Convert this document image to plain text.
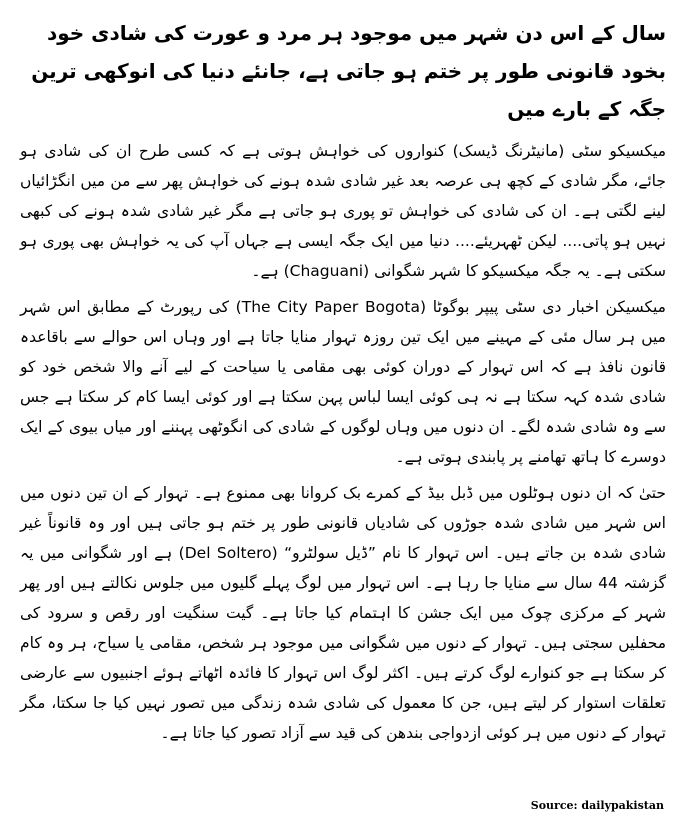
سال کے اس دن شہر میں موجود ہر مرد و عورت کی شادی خود بخود قانونی طور پر ختم ہو جاتی ہے، جانئے دنیا کی انوکھی ترین جگہ کے بارے میں

میکسیکو سٹی (مانیٹرنگ ڈیسک) کنواروں کی خواہش ہوتی ہے کہ کسی طرح ان کی شادی ہو جائے، مگر شادی کے کچھ ہی عرصہ بعد غیر شادی شدہ ہونے کی خواہش پھر سے من میں انگڑائیاں لینے لگتی ہے۔ ان کی شادی کی خواہش تو پوری ہو جاتی ہے مگر غیر شادی شدہ ہونے کی کبھی نہیں ہو پاتی.... لیکن ٹھہریئے.... دنیا میں ایک جگہ ایسی ہے جہاں آپ کی یہ خواہش بھی پوری ہو سکتی ہے۔ یہ جگہ میکسیکو کا شہر شگوانی (Chaguani) ہے۔

میکسیکن اخبار دی سٹی پیپر بوگوٹا (The City Paper Bogota) کی رپورٹ کے مطابق اس شہر میں ہر سال مئی کے مہینے میں ایک تین روزہ تہوار منایا جاتا ہے اور وہاں اس حوالے سے باقاعدہ قانون نافذ ہے کہ اس تہوار کے دوران کوئی بھی مقامی یا سیاحت کے لیے آنے والا شخص خود کو شادی شدہ کہہ سکتا ہے نہ ہی کوئی ایسا لباس پہن سکتا ہے اور کوئی ایسا کام کر سکتا ہے جس سے وہ شادی شدہ لگے۔ ان دنوں میں وہاں لوگوں کے شادی کی انگوٹھی پہننے اور میاں بیوی کے ایک دوسرے کا ہاتھ تھامنے پر پابندی ہوتی ہے۔

حتیٰ کہ ان دنوں ہوٹلوں میں ڈبل بیڈ کے کمرے بک کروانا بھی ممنوع ہے۔ تہوار کے ان تین دنوں میں اس شہر میں شادی شدہ جوڑوں کی شادیاں قانونی طور پر ختم ہو جاتی ہیں اور وہ قانوناً غیر شادی شدہ بن جاتے ہیں۔ اس تہوار کا نام ”ڈیل سولٹرو“ (Del Soltero) ہے اور شگوانی میں یہ گزشتہ 44 سال سے منایا جا رہا ہے۔ اس تہوار میں لوگ پہلے گلیوں میں جلوس نکالتے ہیں اور پھر شہر کے مرکزی چوک میں ایک جشن کا اہتمام کیا جاتا ہے۔ گیت سنگیت اور رقص و سرود کی محفلیں سجتی ہیں۔ تہوار کے دنوں میں شگوانی میں موجود ہر شخص، مقامی یا سیاح، ہر وہ کام کر سکتا ہے جو کنوارے لوگ کرتے ہیں۔ اکثر لوگ اس تہوار کا فائدہ اٹھاتے ہوئے اجنبیوں سے عارضی تعلقات استوار کر لیتے ہیں، جن کا معمول کی شادی شدہ زندگی میں تصور نہیں کیا جا سکتا، مگر تہوار کے دنوں میں ہر کوئی ازدواجی بندھن کی قید سے آزاد تصور کیا جاتا ہے۔

Source: dailypakistan
